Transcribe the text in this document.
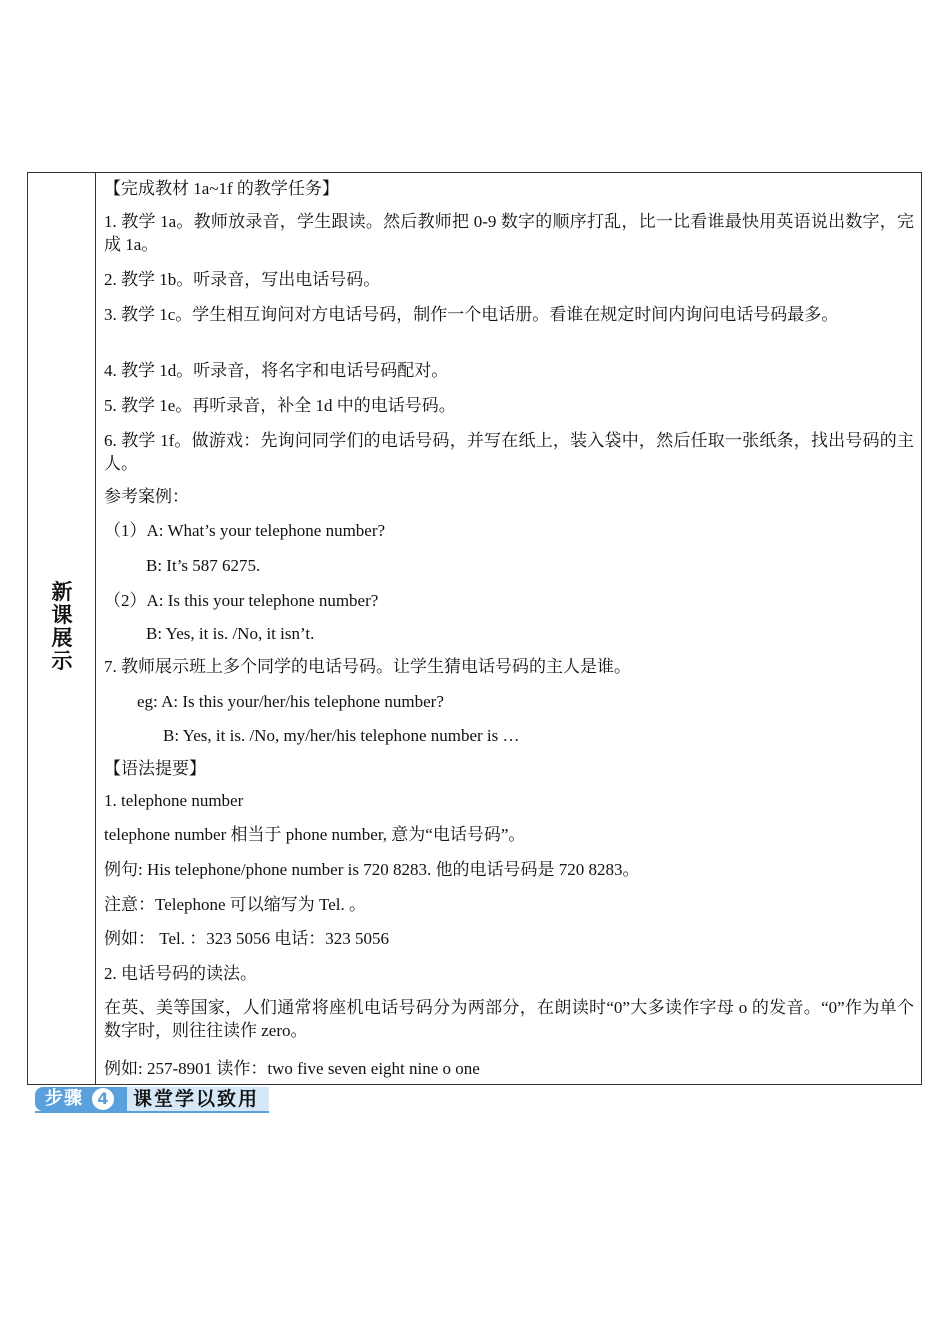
新
课
展
示
【完成教材 1a~1f 的教学任务】
1. 教学 1a。教师放录音，学生跟读。然后教师把 0-9 数字的顺序打乱，比一比看谁最快用英语说出数字，完成 1a。
2. 教学 1b。听录音，写出电话号码。
3. 教学 1c。学生相互询问对方电话号码，制作一个电话册。看谁在规定时间内询问电话号码最多。
4. 教学 1d。听录音，将名字和电话号码配对。
5. 教学 1e。再听录音，补全 1d 中的电话号码。
6. 教学 1f。做游戏：先询问同学们的电话号码，并写在纸上，装入袋中，然后任取一张纸条，找出号码的主人。
参考案例：
（1）A: What’s your telephone number?
B: It’s 587 6275.
（2）A: Is this your telephone number?
B: Yes, it is. /No, it isn’t.
7. 教师展示班上多个同学的电话号码。让学生猜电话号码的主人是谁。
eg: A: Is this your/her/his telephone number?
B: Yes, it is. /No, my/her/his telephone number is …
【语法提要】
1. telephone number
telephone number 相当于 phone number, 意为“电话号码”。
例句: His telephone/phone number is 720 8283. 他的电话号码是 720 8283。
注意：Telephone 可以缩写为 Tel. 。
例如： Tel. ：323 5056 电话：323 5056
2. 电话号码的读法。
在英、美等国家，人们通常将座机电话号码分为两部分，在朗读时“0”大多读作字母 o 的发音。“0”作为单个数字时，则往往读作 zero。
例如: 257-8901 读作：two five seven eight nine o one
步骤 4 课堂学以致用
